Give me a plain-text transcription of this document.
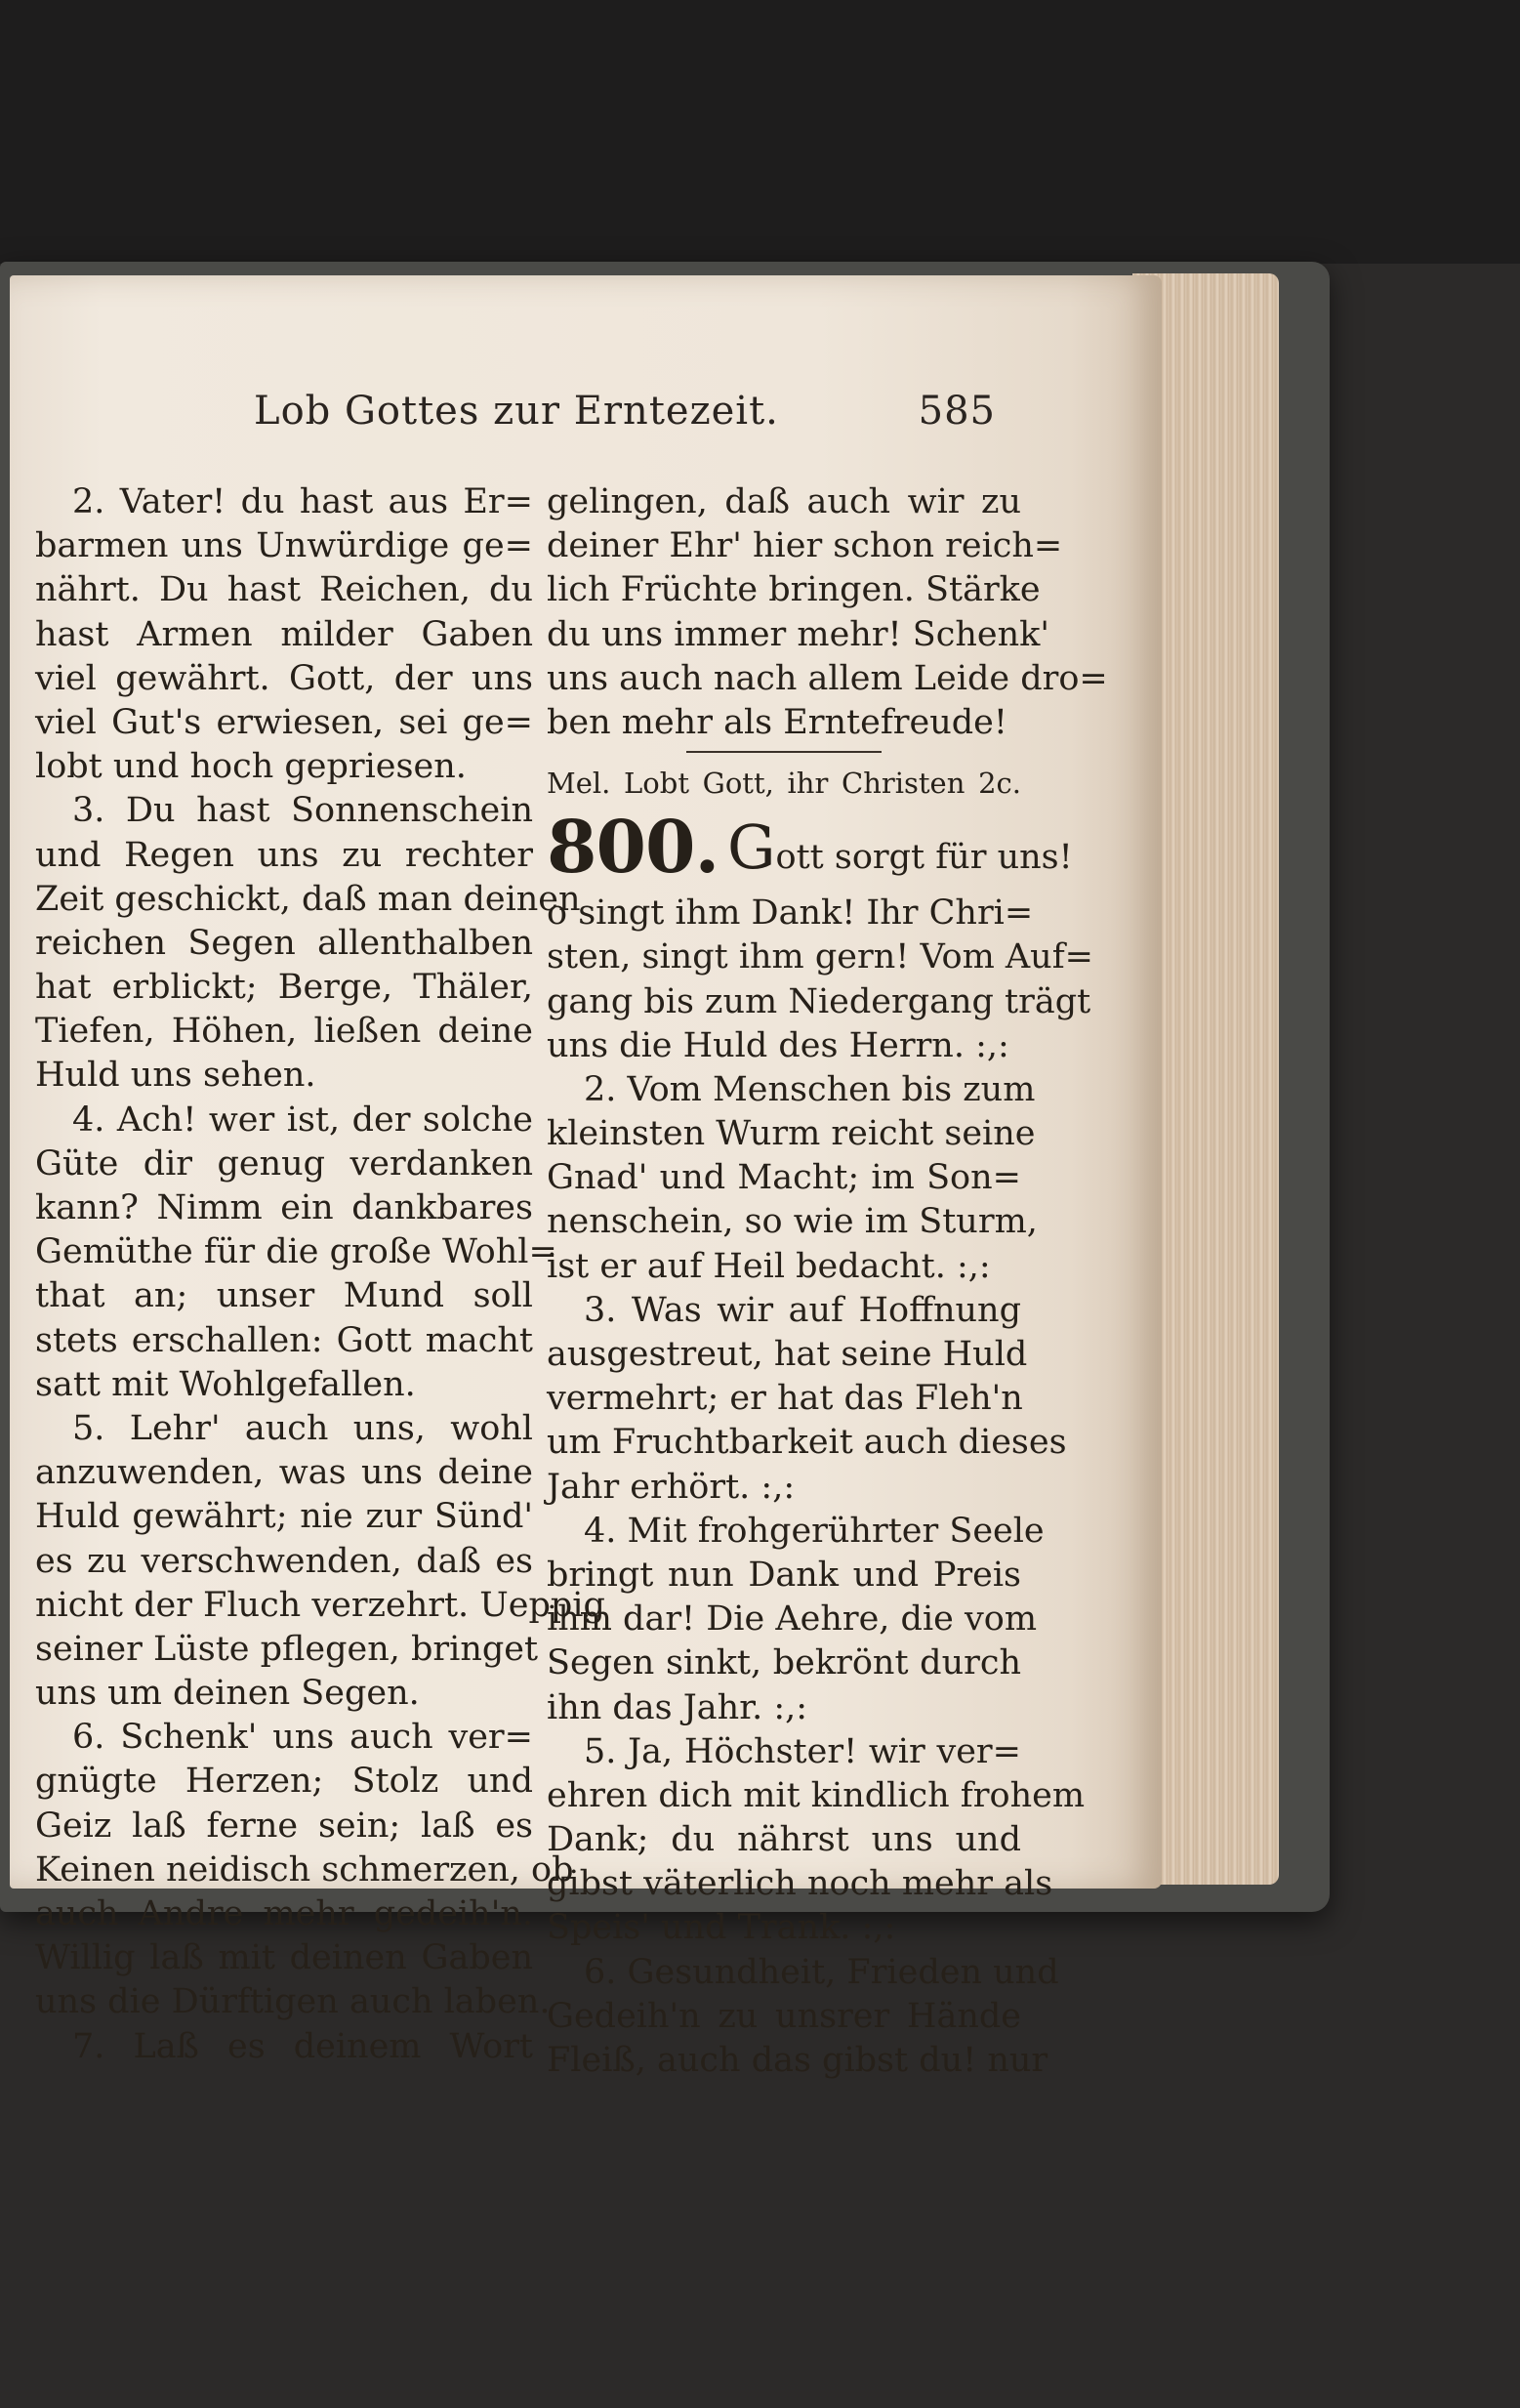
Lob Gottes zur Erntezeit.	585
2. Vater! du hast aus Er=
barmen uns Unwürdige ge=
nährt. Du hast Reichen, du
hast Armen milder Gaben
viel gewährt. Gott, der uns
viel Gut's erwiesen, sei ge=
lobt und hoch gepriesen.
3. Du hast Sonnenschein
und Regen uns zu rechter
Zeit geschickt, daß man deinen
reichen Segen allenthalben
hat erblickt; Berge, Thäler,
Tiefen, Höhen, ließen deine
Huld uns sehen.
4. Ach! wer ist, der solche
Güte dir genug verdanken
kann? Nimm ein dankbares
Gemüthe für die große Wohl=
that an; unser Mund soll
stets erschallen: Gott macht
satt mit Wohlgefallen.
5. Lehr' auch uns, wohl
anzuwenden, was uns deine
Huld gewährt; nie zur Sünd'
es zu verschwenden, daß es
nicht der Fluch verzehrt. Ueppig
seiner Lüste pflegen, bringet
uns um deinen Segen.
6. Schenk' uns auch ver=
gnügte Herzen; Stolz und
Geiz laß ferne sein; laß es
Keinen neidisch schmerzen, ob
auch Andre mehr gedeih'n.
Willig laß mit deinen Gaben
uns die Dürftigen auch laben.
7. Laß es deinem Wort
gelingen, daß auch wir zu
deiner Ehr' hier schon reich=
lich Früchte bringen. Stärke
du uns immer mehr! Schenk'
uns auch nach allem Leide dro=
ben mehr als Erntefreude!
Mel. Lobt Gott, ihr Christen 2c.
800. Gott sorgt für uns!
o singt ihm Dank! Ihr Chri=
sten, singt ihm gern! Vom Auf=
gang bis zum Niedergang trägt
uns die Huld des Herrn. :,:
2. Vom Menschen bis zum
kleinsten Wurm reicht seine
Gnad' und Macht; im Son=
nenschein, so wie im Sturm,
ist er auf Heil bedacht. :,:
3. Was wir auf Hoffnung
ausgestreut, hat seine Huld
vermehrt; er hat das Fleh'n
um Fruchtbarkeit auch dieses
Jahr erhört. :,:
4. Mit frohgerührter Seele
bringt nun Dank und Preis
ihm dar! Die Aehre, die vom
Segen sinkt, bekrönt durch
ihn das Jahr. :,:
5. Ja, Höchster! wir ver=
ehren dich mit kindlich frohem
Dank; du nährst uns und
gibst väterlich noch mehr als
Speis' und Trank. :,:
6. Gesundheit, Frieden und
Gedeih'n zu unsrer Hände
Fleiß, auch das gibst du! nur
